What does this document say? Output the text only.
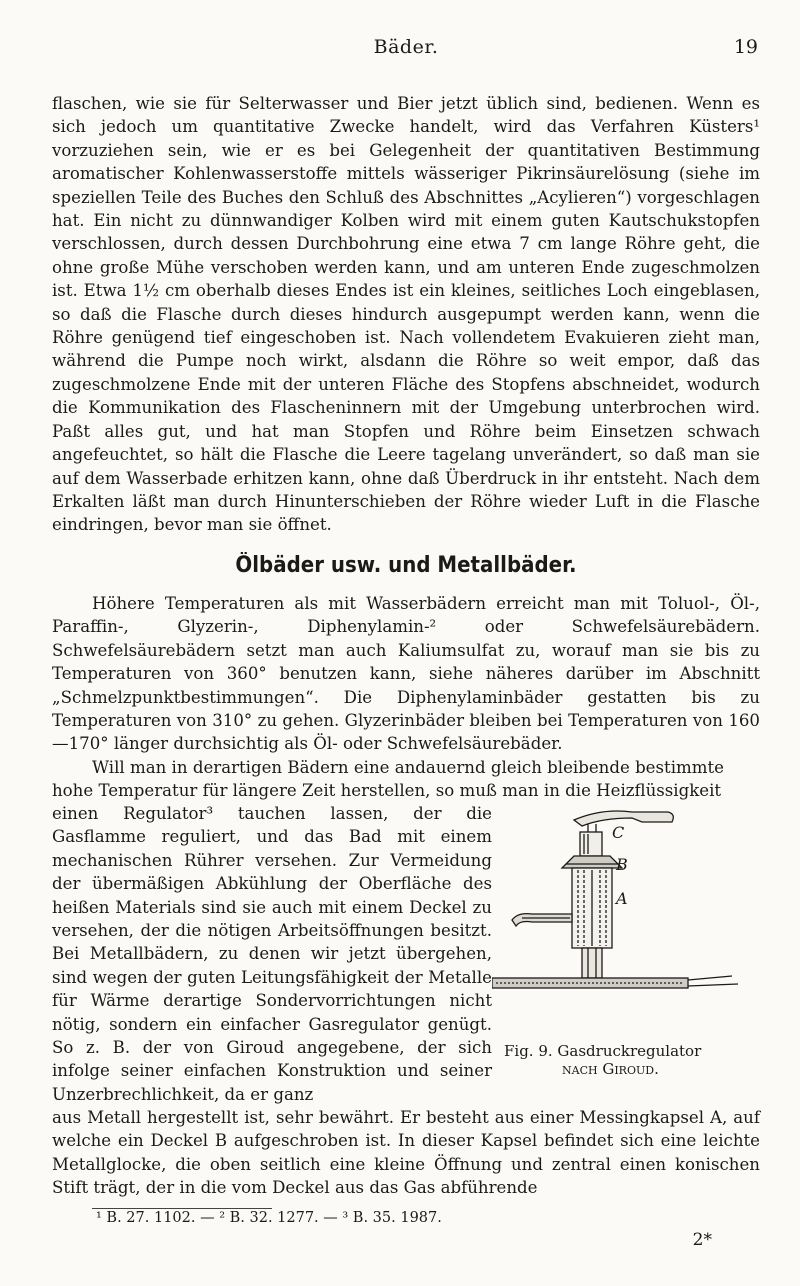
Bäder.	19

flaschen, wie sie für Selterwasser und Bier jetzt üblich sind, bedienen. Wenn es sich jedoch um quantitative Zwecke handelt, wird das Verfahren Küsters¹ vorzuziehen sein, wie er es bei Gelegenheit der quantitativen Bestimmung aromatischer Kohlenwasserstoffe mittels wässeriger Pikrinsäurelösung (siehe im speziellen Teile des Buches den Schluß des Abschnittes „Acylieren“) vorgeschlagen hat. Ein nicht zu dünnwandiger Kolben wird mit einem guten Kautschukstopfen verschlossen, durch dessen Durchbohrung eine etwa 7 cm lange Röhre geht, die ohne große Mühe verschoben werden kann, und am unteren Ende zugeschmolzen ist. Etwa 1½ cm oberhalb dieses Endes ist ein kleines, seitliches Loch eingeblasen, so daß die Flasche durch dieses hindurch ausgepumpt werden kann, wenn die Röhre genügend tief eingeschoben ist. Nach vollendetem Evakuieren zieht man, während die Pumpe noch wirkt, alsdann die Röhre so weit empor, daß das zugeschmolzene Ende mit der unteren Fläche des Stopfens abschneidet, wodurch die Kommunikation des Flascheninnern mit der Umgebung unterbrochen wird. Paßt alles gut, und hat man Stopfen und Röhre beim Einsetzen schwach angefeuchtet, so hält die Flasche die Leere tagelang unverändert, so daß man sie auf dem Wasserbade erhitzen kann, ohne daß Überdruck in ihr entsteht. Nach dem Erkalten läßt man durch Hinunterschieben der Röhre wieder Luft in die Flasche eindringen, bevor man sie öffnet.

Ölbäder usw. und Metallbäder.

Höhere Temperaturen als mit Wasserbädern erreicht man mit Toluol-, Öl-, Paraffin-, Glyzerin-, Diphenylamin-² oder Schwefelsäurebädern. Schwefelsäurebädern setzt man auch Kaliumsulfat zu, worauf man sie bis zu Temperaturen von 360° benutzen kann, siehe näheres darüber im Abschnitt „Schmelzpunktbestimmungen“. Die Diphenylaminbäder gestatten bis zu Temperaturen von 310° zu gehen. Glyzerinbäder bleiben bei Temperaturen von 160—170° länger durchsichtig als Öl- oder Schwefelsäurebäder.

Will man in derartigen Bädern eine andauernd gleich bleibende bestimmte

hohe Temperatur für längere Zeit herstellen, so muß man in die Heizflüssigkeit

einen Regulator³ tauchen lassen, der die Gasflamme reguliert, und das Bad mit einem mechanischen Rührer versehen. Zur Vermeidung der übermäßigen Abkühlung der Oberfläche des heißen Materials sind sie auch mit einem Deckel zu versehen, der die nötigen Arbeitsöffnungen besitzt. Bei Metallbädern, zu denen wir jetzt übergehen, sind wegen der guten Leitungsfähigkeit der Metalle für Wärme derartige Sondervorrichtungen nicht nötig, sondern ein einfacher Gasregulator genügt. So z. B. der von Giroud angegebene, der sich infolge seiner einfachen Konstruktion und seiner Unzerbrechlichkeit, da er ganz

C
B
A
Fig. 9. Gasdruckregulator
nach Giroud.

aus Metall hergestellt ist, sehr bewährt. Er besteht aus einer Messingkapsel A, auf welche ein Deckel B aufgeschroben ist. In dieser Kapsel befindet sich eine leichte Metallglocke, die oben seitlich eine kleine Öffnung und zentral einen konischen Stift trägt, der in die vom Deckel aus das Gas abführende

¹ B. 27. 1102. — ² B. 32. 1277. — ³ B. 35. 1987.
2*
